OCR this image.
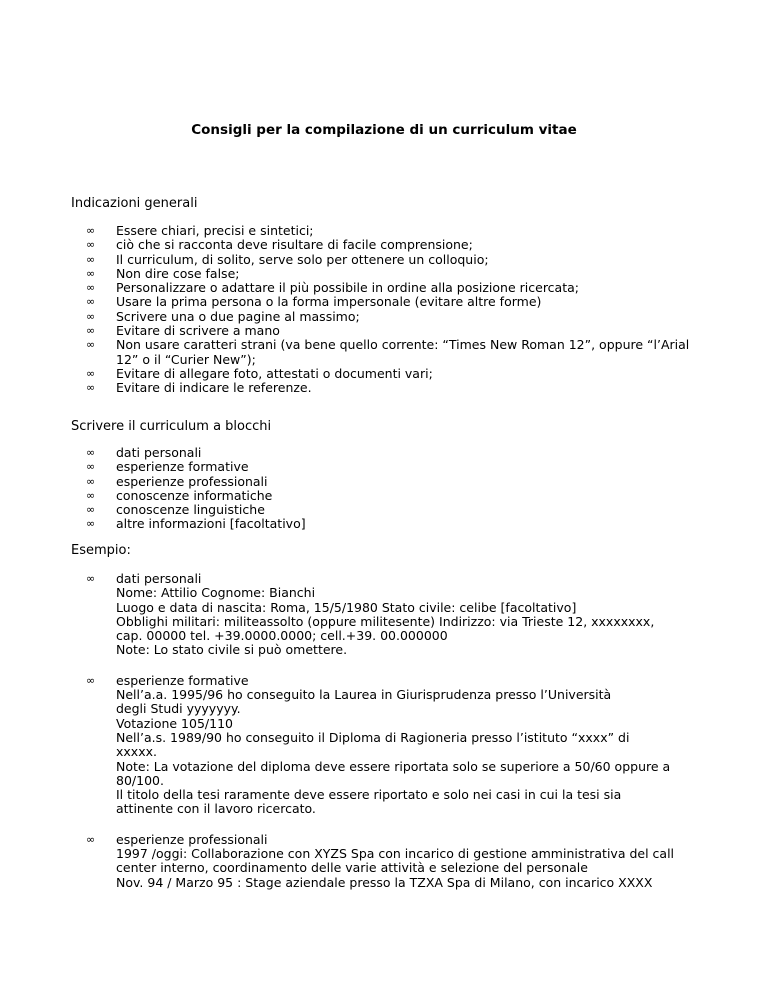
Consigli per la compilazione di un curriculum vitae

Indicazioni generali

∞ Essere chiari, precisi e sintetici;
∞ ciò che si racconta deve risultare di facile comprensione;
∞ Il curriculum, di solito, serve solo per ottenere un colloquio;
∞ Non dire cose false;
∞ Personalizzare o adattare il più possibile in ordine alla posizione ricercata;
∞ Usare la prima persona o la forma impersonale (evitare altre forme)
∞ Scrivere una o due pagine al massimo;
∞ Evitare di scrivere a mano
∞ Non usare caratteri strani (va bene quello corrente: “Times New Roman 12”, oppure “l’Arial 12” o il “Curier New”);
∞ Evitare di allegare foto, attestati o documenti vari;
∞ Evitare di indicare le referenze.

Scrivere il curriculum a blocchi

∞ dati personali
∞ esperienze formative
∞ esperienze professionali
∞ conoscenze informatiche
∞ conoscenze linguistiche
∞ altre informazioni [facoltativo]

Esempio:

∞ dati personali
Nome: Attilio Cognome: Bianchi
Luogo e data di nascita: Roma, 15/5/1980 Stato civile: celibe [facoltativo]
Obblighi militari: militeassolto (oppure militesente) Indirizzo: via Trieste 12, xxxxxxxx,
cap. 00000 tel. +39.0000.0000; cell.+39. 00.000000
Note: Lo stato civile si può omettere.
∞ esperienze formative
Nell’a.a. 1995/96 ho conseguito la Laurea in Giurisprudenza presso l’Università
degli Studi yyyyyyy.
Votazione 105/110
Nell’a.s. 1989/90 ho conseguito il Diploma di Ragioneria presso l’istituto “xxxx” di
xxxxx.
Note: La votazione del diploma deve essere riportata solo se superiore a 50/60 oppure a
80/100.
Il titolo della tesi raramente deve essere riportato e solo nei casi in cui la tesi sia
attinente con il lavoro ricercato.
∞ esperienze professionali
1997 /oggi: Collaborazione con XYZS Spa con incarico di gestione amministrativa del call
center interno, coordinamento delle varie attività e selezione del personale
Nov. 94 / Marzo 95 : Stage aziendale presso la TZXA Spa di Milano, con incarico XXXX
